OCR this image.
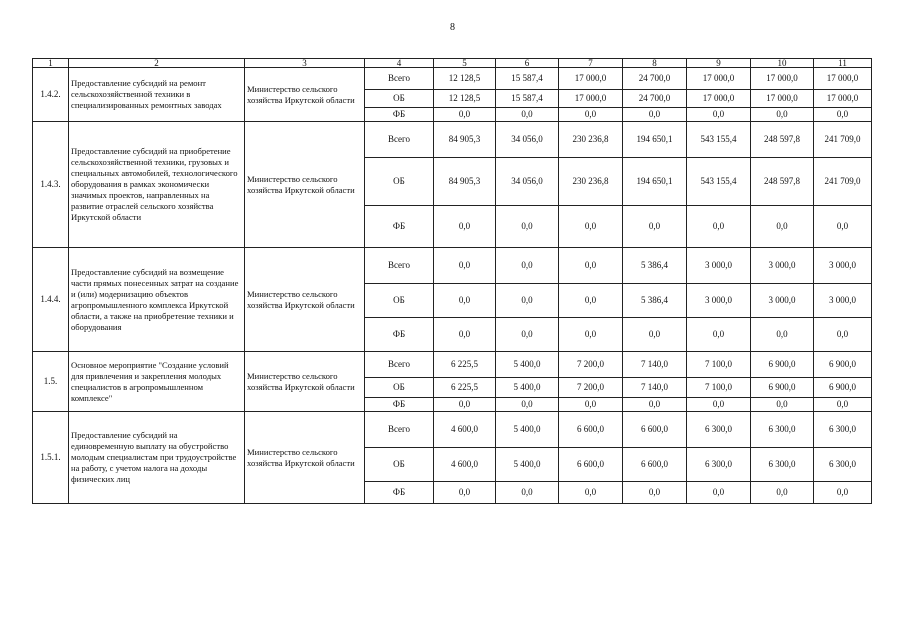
8
1	2	3	4	5	6	7	8	9	10	11
1.4.2.	Предоставление субсидий на ремонт сельскохозяйственной техники в специализированных ремонтных заводах	Министерство сельского хозяйства Иркутской области	Всего	12 128,5	15 587,4	17 000,0	24 700,0	17 000,0	17 000,0	17 000,0
			ОБ	12 128,5	15 587,4	17 000,0	24 700,0	17 000,0	17 000,0	17 000,0
			ФБ	0,0	0,0	0,0	0,0	0,0	0,0	0,0
1.4.3.	Предоставление субсидий на приобретение сельскохозяйственной техники, грузовых и специальных автомобилей, технологического оборудования в рамках экономически значимых проектов, направленных на развитие отраслей сельского хозяйства Иркутской области	Министерство сельского хозяйства Иркутской области	Всего	84 905,3	34 056,0	230 236,8	194 650,1	543 155,4	248 597,8	241 709,0
			ОБ	84 905,3	34 056,0	230 236,8	194 650,1	543 155,4	248 597,8	241 709,0
			ФБ	0,0	0,0	0,0	0,0	0,0	0,0	0,0
1.4.4.	Предоставление субсидий на возмещение части прямых понесенных затрат на создание и (или) модернизацию объектов агропромышленного комплекса Иркутской области, а также на приобретение техники и оборудования	Министерство сельского хозяйства Иркутской области	Всего	0,0	0,0	0,0	5 386,4	3 000,0	3 000,0	3 000,0
			ОБ	0,0	0,0	0,0	5 386,4	3 000,0	3 000,0	3 000,0
			ФБ	0,0	0,0	0,0	0,0	0,0	0,0	0,0
1.5.	Основное мероприятие "Создание условий для привлечения и закрепления молодых специалистов в агропромышленном комплексе"	Министерство сельского хозяйства Иркутской области	Всего	6 225,5	5 400,0	7 200,0	7 140,0	7 100,0	6 900,0	6 900,0
			ОБ	6 225,5	5 400,0	7 200,0	7 140,0	7 100,0	6 900,0	6 900,0
			ФБ	0,0	0,0	0,0	0,0	0,0	0,0	0,0
1.5.1.	Предоставление субсидий на единовременную выплату на обустройство молодым специалистам при трудоустройстве на работу, с учетом налога на доходы физических лиц	Министерство сельского хозяйства Иркутской области	Всего	4 600,0	5 400,0	6 600,0	6 600,0	6 300,0	6 300,0	6 300,0
			ОБ	4 600,0	5 400,0	6 600,0	6 600,0	6 300,0	6 300,0	6 300,0
			ФБ	0,0	0,0	0,0	0,0	0,0	0,0	0,0
